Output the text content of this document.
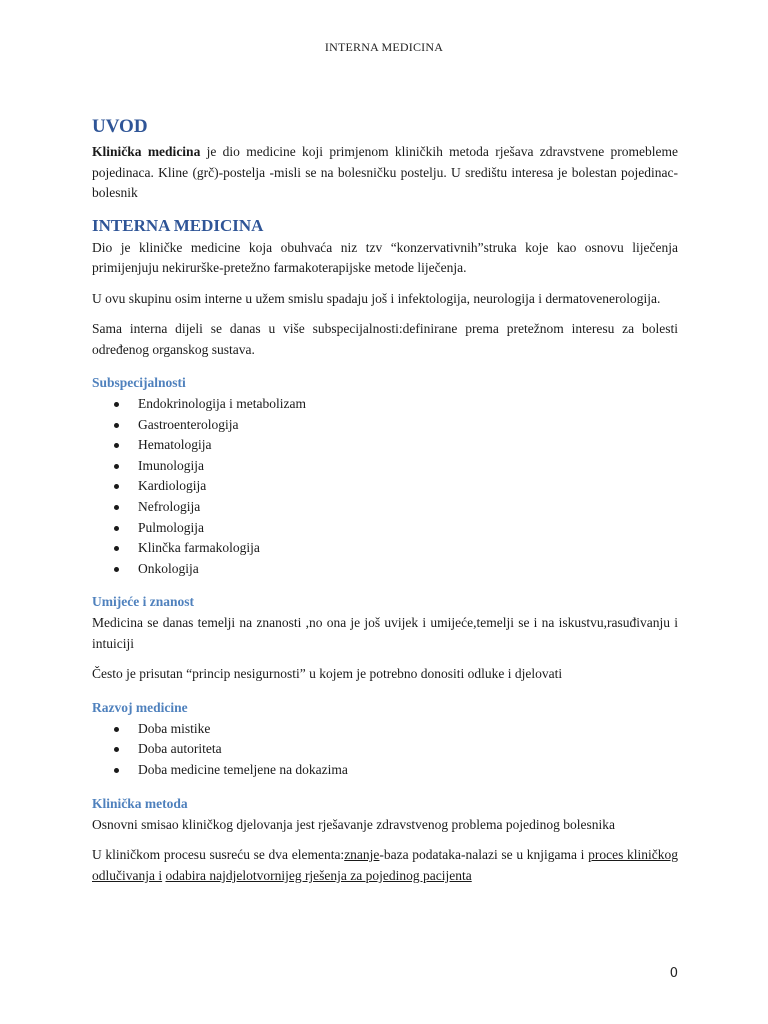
INTERNA MEDICINA
UVOD

Klinička medicina je dio medicine koji primjenom kliničkih metoda rješava zdravstvene promebleme pojedinaca. Kline (grč)-postelja -misli se na bolesničku postelju. U središtu interesa je bolestan pojedinac-bolesnik

INTERNA MEDICINA

Dio je kliničke medicine koja obuhvaća niz tzv “konzervativnih”struka koje kao osnovu liječenja primijenjuju nekirurške-pretežno farmakoterapijske metode liječenja.

U ovu skupinu osim interne u užem smislu spadaju još i infektologija, neurologija i dermatovenerologija.

Sama interna dijeli se danas u više subspecijalnosti:definirane prema pretežnom interesu za bolesti određenog organskog sustava.

Subspecijalnosti
Endokrinologija i metabolizam
Gastroenterologija
Hematologija
Imunologija
Kardiologija
Nefrologija
Pulmologija
Klinčka farmakologija
Onkologija
Umijeće i znanost

Medicina se danas temelji na znanosti ,no ona je još uvijek i umijeće,temelji se i na iskustvu,rasuđivanju i intuiciji

Često je prisutan “princip nesigurnosti” u kojem je potrebno donositi odluke i djelovati

Razvoj medicine
Doba mistike
Doba autoriteta
Doba medicine temeljene na dokazima
Klinička metoda

Osnovni smisao kliničkog djelovanja jest rješavanje zdravstvenog problema pojedinog bolesnika

U kliničkom procesu susreću se dva elementa:znanje-baza podataka-nalazi se u knjigama i proces kliničkog odlučivanja i odabira najdjelotvornijeg rješenja za pojedinog pacijenta

0
